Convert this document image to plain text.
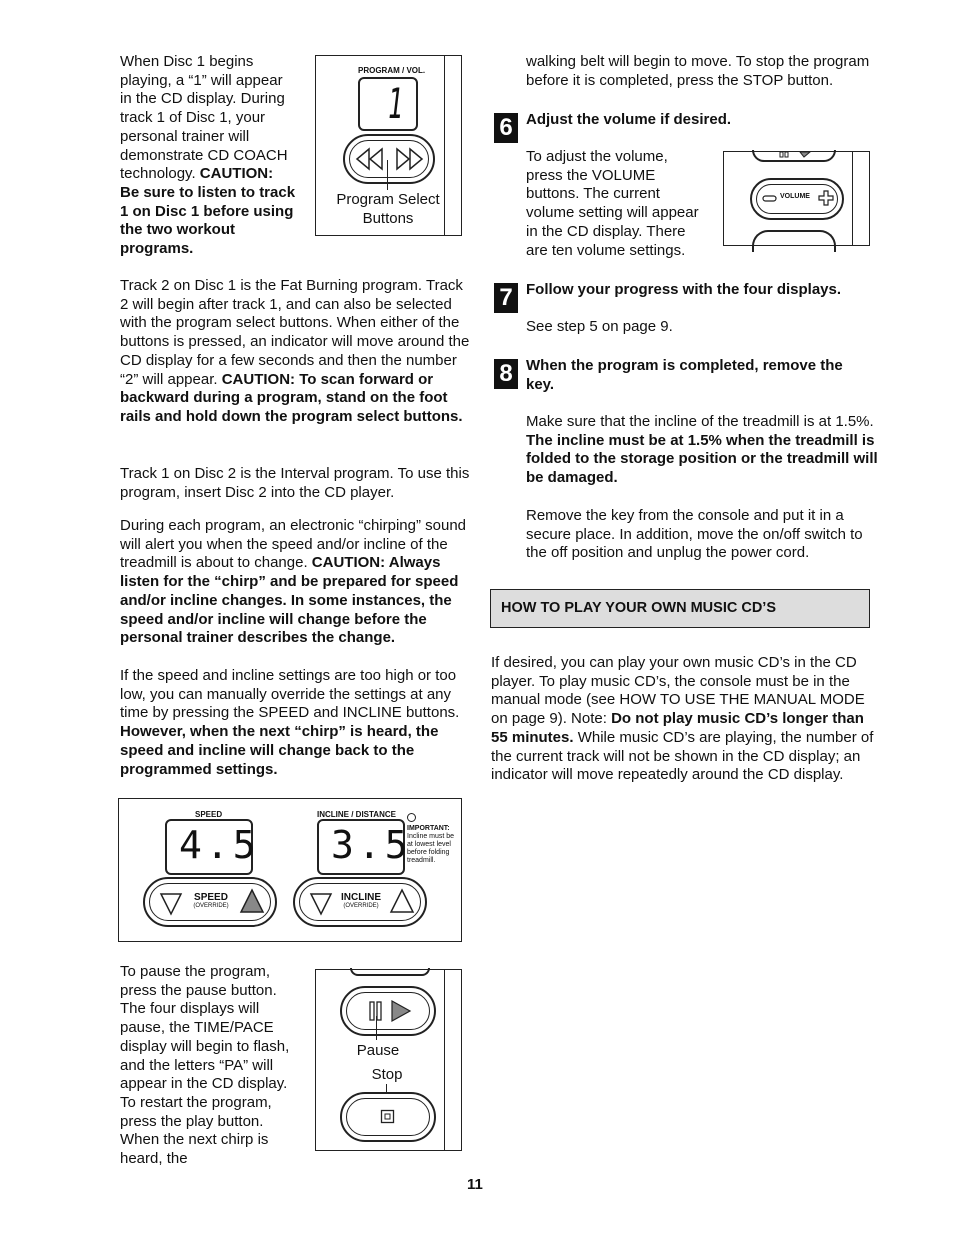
When Disc 1 begins playing, a “1” will appear in the CD display. During track 1 of Disc 1, your personal trainer will demonstrate CD COACH technology. CAUTION: Be sure to listen to track 1 on Disc 1 before using the two workout programs.

PROGRAM / VOL.
1
Program Select Buttons

Track 2 on Disc 1 is the Fat Burning program. Track 2 will begin after track 1, and can also be selected with the program select buttons. When either of the buttons is pressed, an indicator will move around the CD display for a few seconds and then the number “2” will appear. CAUTION: To scan forward or backward during a program, stand on the foot rails and hold down the program select buttons.

Track 1 on Disc 2 is the Interval program. To use this program, insert Disc 2 into the CD player.

During each program, an electronic “chirping” sound will alert you when the speed and/or incline of the treadmill is about to change. CAUTION: Always listen for the “chirp” and be prepared for speed and/or incline changes. In some instances, the speed and/or incline will change before the personal trainer describes the change.

If the speed and incline settings are too high or too low, you can manually override the settings at any time by pressing the SPEED and INCLINE buttons. However, when the next “chirp” is heard, the speed and incline will change back to the programmed settings.

SPEED
4.5
INCLINE / DISTANCE
3.5
IMPORTANT:
Incline must be at lowest level before folding treadmill.
SPEED
(OVERRIDE)
INCLINE
(OVERRIDE)

To pause the program, press the pause button. The four displays will pause, the TIME/PACE display will begin to flash, and the letters “PA” will appear in the CD display. To restart the program, press the play button. When the next chirp is heard, the

Pause
Stop

walking belt will begin to move. To stop the program before it is completed, press the STOP button.

6 Adjust the volume if desired.

To adjust the volume, press the VOLUME buttons. The current volume setting will appear in the CD display. There are ten volume settings.

VOLUME
7 Follow your progress with the four displays.

See step 5 on page 9.

8 When the program is completed, remove the key.

Make sure that the incline of the treadmill is at 1.5%. The incline must be at 1.5% when the treadmill is folded to the storage position or the treadmill will be damaged.

Remove the key from the console and put it in a secure place. In addition, move the on/off switch to the off position and unplug the power cord.

HOW TO PLAY YOUR OWN MUSIC CD’S

If desired, you can play your own music CD’s in the CD player. To play music CD’s, the console must be in the manual mode (see HOW TO USE THE MANUAL MODE on page 9). Note: Do not play music CD’s longer than 55 minutes. While music CD’s are playing, the number of the current track will not be shown in the CD display; an indicator will move repeatedly around the CD display.

11
